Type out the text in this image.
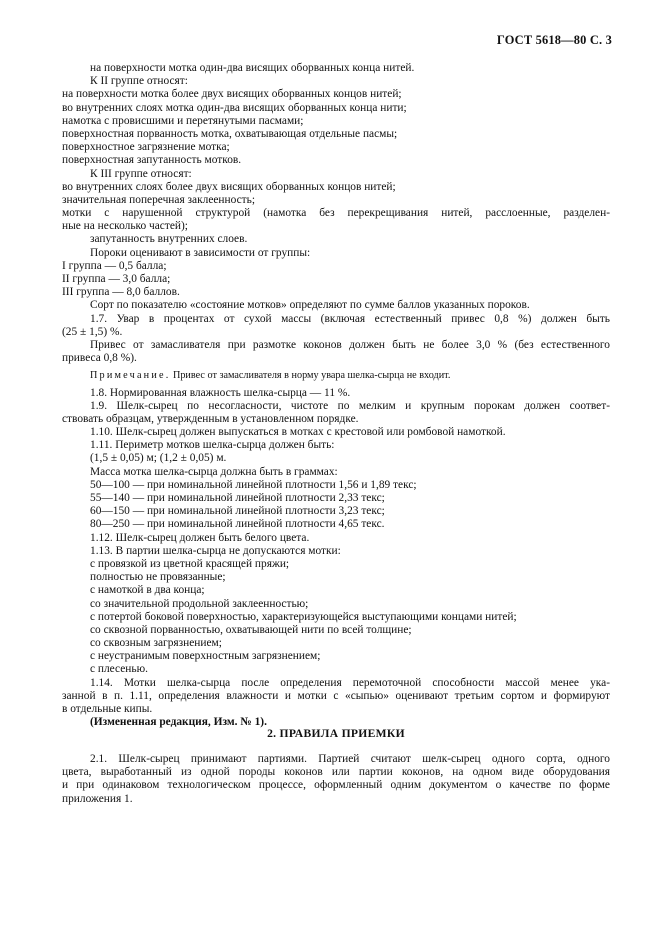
ГОСТ 5618—80 С. 3
на поверхности мотка один-два висящих оборванных конца нитей.
К II группе относят:
на поверхности мотка более двух висящих оборванных концов нитей;
во внутренних слоях мотка один-два висящих оборванных конца нити;
намотка с провисшими и перетянутыми пасмами;
поверхностная порванность мотка, охватывающая отдельные пасмы;
поверхностное загрязнение мотка;
поверхностная запутанность мотков.
К III группе относят:
во внутренних слоях более двух висящих оборванных концов нитей;
значительная поперечная заклеенность;
мотки с нарушенной структурой (намотка без перекрещивания нитей, расслоенные, разделен-
ные на несколько частей);
запутанность внутренних слоев.
Пороки оценивают в зависимости от группы:
I группа — 0,5 балла;
II группа — 3,0 балла;
III группа — 8,0 баллов.
Сорт по показателю «состояние мотков» определяют по сумме баллов указанных пороков.
1.7. Увар в процентах от сухой массы (включая естественный привес 0,8 %) должен быть
(25 ± 1,5) %.
Привес от замасливателя при размотке коконов должен быть не более 3,0 % (без естественного
привеса 0,8 %).
Примечание. Привес от замасливателя в норму увара шелка-сырца не входит.
1.8. Нормированная влажность шелка-сырца — 11 %.
1.9. Шелк-сырец по несогласности, чистоте по мелким и крупным порокам должен соответ-
ствовать образцам, утвержденным в установленном порядке.
1.10. Шелк-сырец должен выпускаться в мотках с крестовой или ромбовой намоткой.
1.11. Периметр мотков шелка-сырца должен быть:
(1,5 ± 0,05) м; (1,2 ± 0,05) м.
Масса мотка шелка-сырца должна быть в граммах:
50—100 — при номинальной линейной плотности 1,56 и 1,89 текс;
55—140 — при номинальной линейной плотности 2,33 текс;
60—150 — при номинальной линейной плотности 3,23 текс;
80—250 — при номинальной линейной плотности 4,65 текс.
1.12. Шелк-сырец должен быть белого цвета.
1.13. В партии шелка-сырца не допускаются мотки:
с провязкой из цветной красящей пряжи;
полностью не провязанные;
с намоткой в два конца;
со значительной продольной заклеенностью;
с потертой боковой поверхностью, характеризующейся выступающими концами нитей;
со сквозной порванностью, охватывающей нити по всей толщине;
со сквозным загрязнением;
с неустранимым поверхностным загрязнением;
с плесенью.
1.14. Мотки шелка-сырца после определения перемоточной способности массой менее ука-
занной в п. 1.11, определения влажности и мотки с «сыпью» оценивают третьим сортом и формируют
в отдельные кипы.
(Измененная редакция, Изм. № 1).
2. ПРАВИЛА ПРИЕМКИ
2.1. Шелк-сырец принимают партиями. Партией считают шелк-сырец одного сорта, одного
цвета, выработанный из одной породы коконов или партии коконов, на одном виде оборудования
и при одинаковом технологическом процессе, оформленный одним документом о качестве по форме
приложения 1.
